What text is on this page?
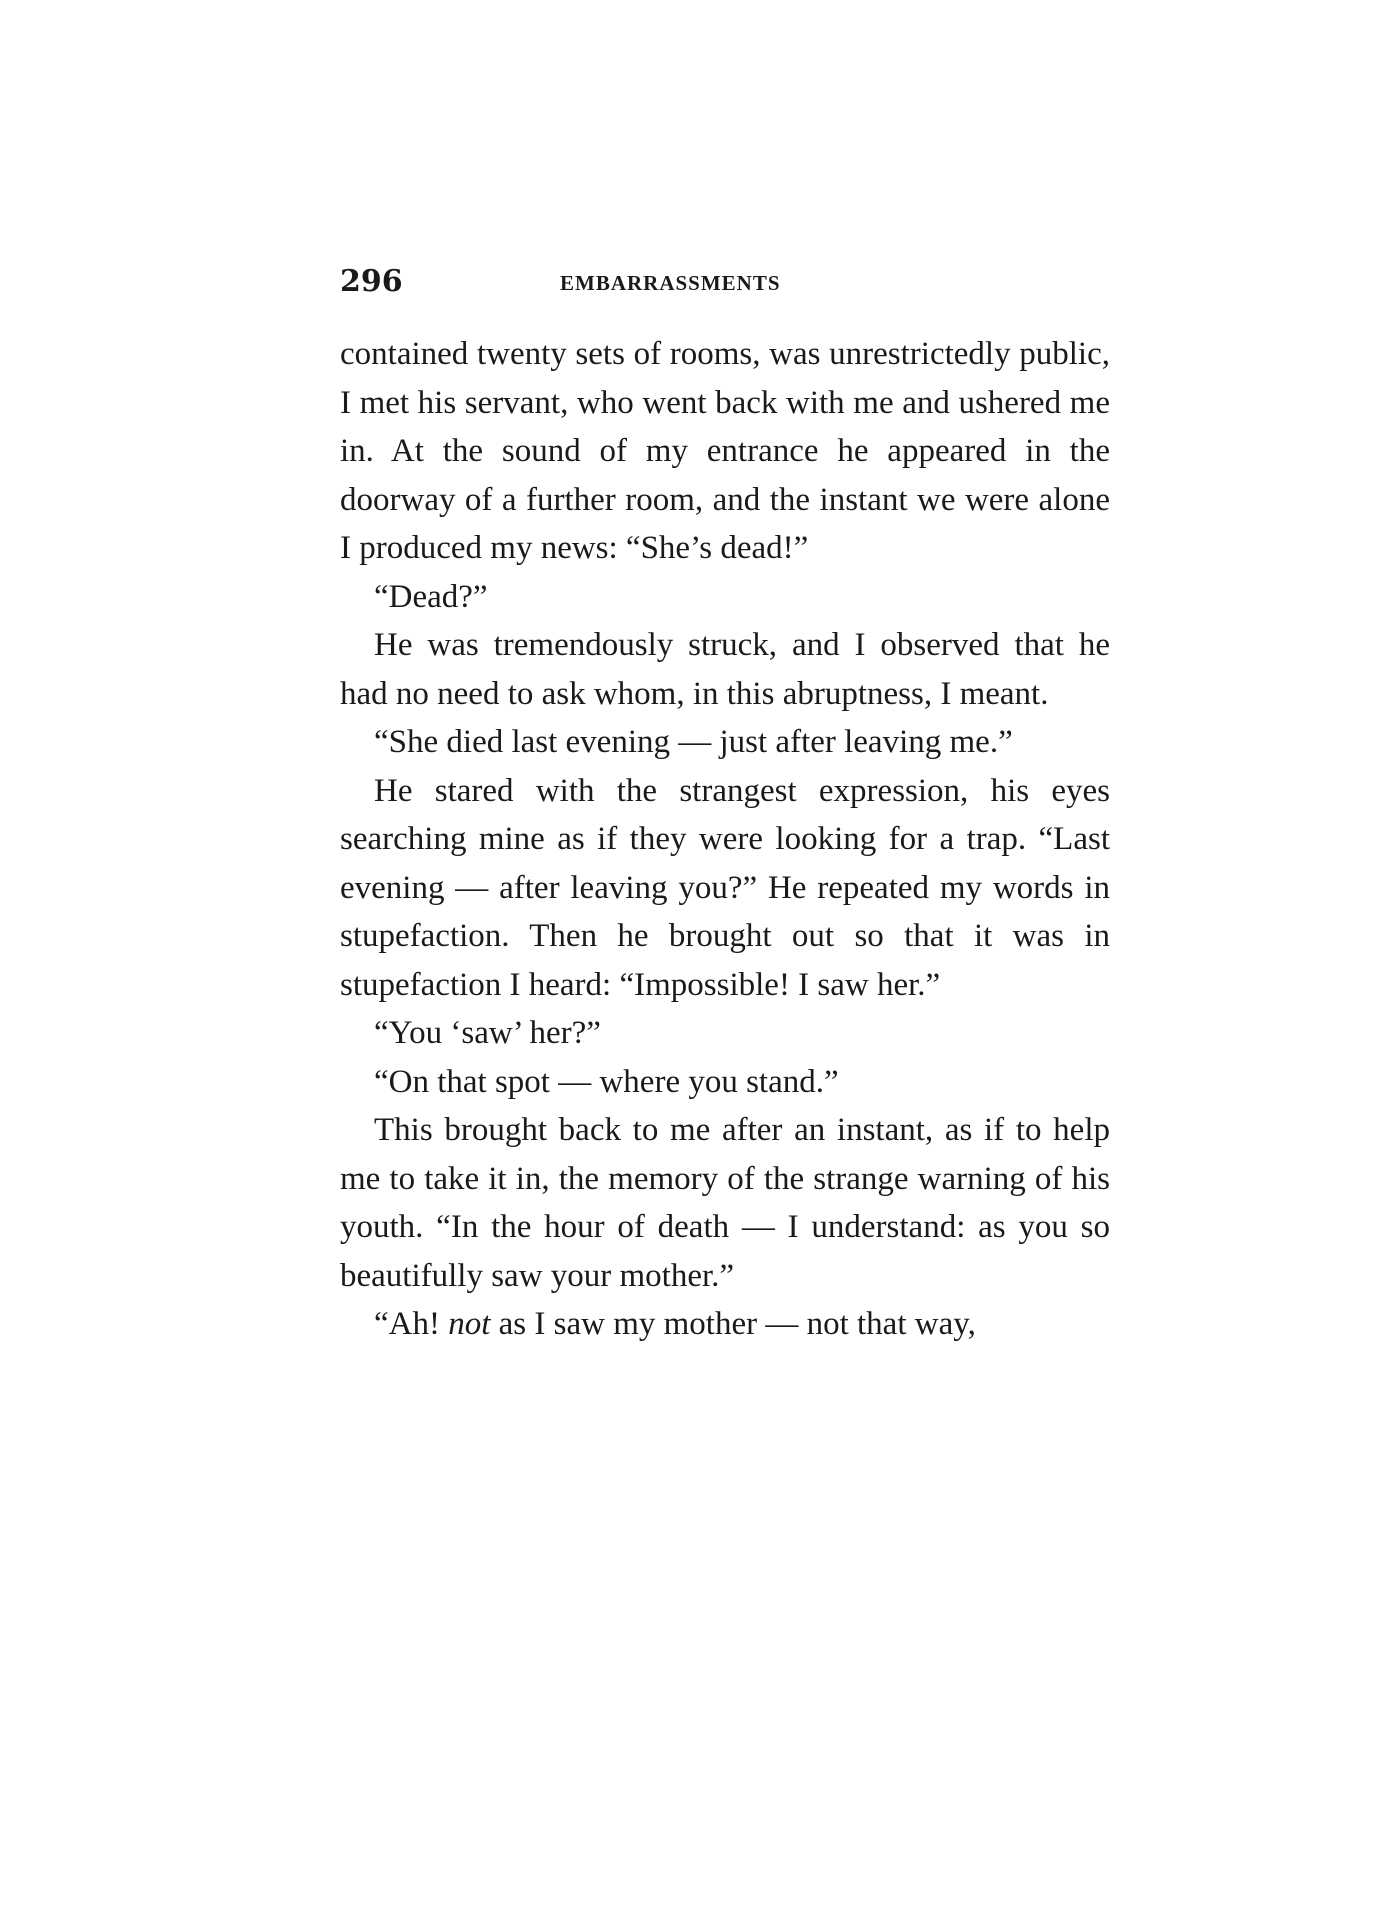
296	EMBARRASSMENTS

contained twenty sets of rooms, was unrestrictedly public, I met his servant, who went back with me and ushered me in. At the sound of my entrance he appeared in the doorway of a further room, and the instant we were alone I produced my news: “She’s dead!”

“Dead?”

He was tremendously struck, and I observed that he had no need to ask whom, in this abruptness, I meant.

“She died last evening — just after leaving me.”

He stared with the strangest expression, his eyes searching mine as if they were looking for a trap. “Last evening — after leaving you?” He repeated my words in stupefaction. Then he brought out so that it was in stupefaction I heard: “Impossible! I saw her.”

“You ‘saw’ her?”

“On that spot — where you stand.”

This brought back to me after an instant, as if to help me to take it in, the memory of the strange warning of his youth. “In the hour of death — I understand: as you so beautifully saw your mother.”

“Ah! not as I saw my mother — not that way,
